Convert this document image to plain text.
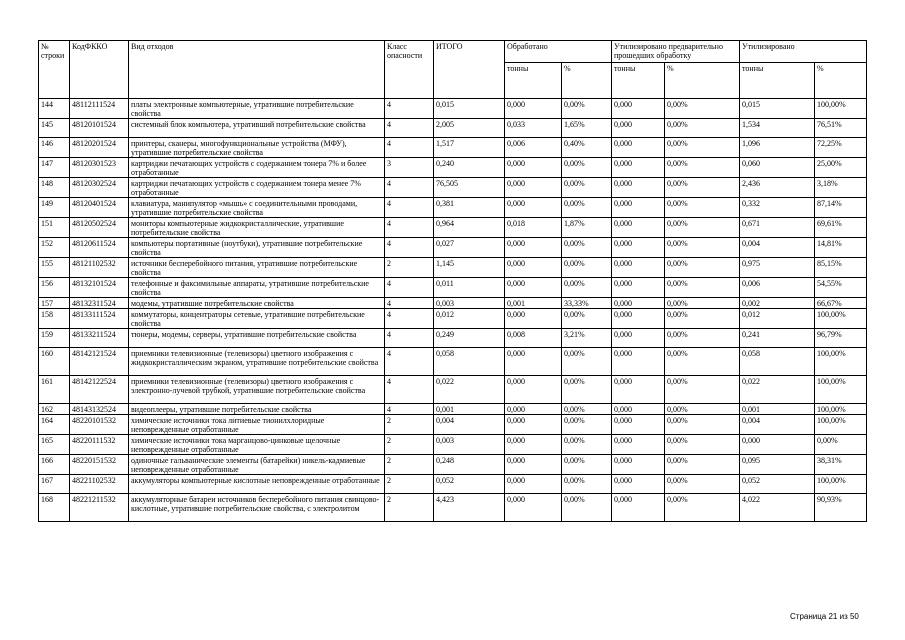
№ строки	КодФККО	Вид отходов	Класс опасности	ИТОГО	Обработано		Утилизировано предварительно прошедших обработку		Утилизировано	
					тонны	%	тонны	%	тонны	%
144	48112111524	платы электронные компьютерные, утратившие потребительские свойства	4	0,015	0,000	0,00%	0,000	0,00%	0,015	100,00%
145	48120101524	системный блок компьютера, утративший потребительские свойства	4	2,005	0,033	1,65%	0,000	0,00%	1,534	76,51%
146	48120201524	принтеры, сканеры, многофункциональные устройства (МФУ), утратившие потребительские свойства	4	1,517	0,006	0,40%	0,000	0,00%	1,096	72,25%
147	48120301523	картриджи печатающих устройств с содержанием тонера 7% и более отработанные	3	0,240	0,000	0,00%	0,000	0,00%	0,060	25,00%
148	48120302524	картриджи печатающих устройств с содержанием тонера менее 7% отработанные	4	76,505	0,000	0,00%	0,000	0,00%	2,436	3,18%
149	48120401524	клавиатура, манипулятор «мышь» с соединительными проводами, утратившие потребительские свойства	4	0,381	0,000	0,00%	0,000	0,00%	0,332	87,14%
151	48120502524	мониторы компьютерные жидкокристаллические, утратившие потребительские свойства	4	0,964	0,018	1,87%	0,000	0,00%	0,671	69,61%
152	48120611524	компьютеры портативные (ноутбуки), утратившие потребительские свойства	4	0,027	0,000	0,00%	0,000	0,00%	0,004	14,81%
155	48121102532	источники бесперебойного питания, утратившие потребительские свойства	2	1,145	0,000	0,00%	0,000	0,00%	0,975	85,15%
156	48132101524	телефонные и факсимильные аппараты, утратившие потребительские свойства	4	0,011	0,000	0,00%	0,000	0,00%	0,006	54,55%
157	48132311524	модемы, утратившие потребительские свойства	4	0,003	0,001	33,33%	0,000	0,00%	0,002	66,67%
158	48133111524	коммутаторы, концентраторы сетевые, утратившие потребительские свойства	4	0,012	0,000	0,00%	0,000	0,00%	0,012	100,00%
159	48133211524	тюнеры, модемы, серверы, утратившие потребительские свойства	4	0,249	0,008	3,21%	0,000	0,00%	0,241	96,79%
160	48142121524	приемники телевизионные (телевизоры) цветного изображения с жидкокристаллическим экраном, утратившие потребительские свойства	4	0,058	0,000	0,00%	0,000	0,00%	0,058	100,00%
161	48142122524	приемники телевизионные (телевизоры) цветного изображения с электронно-лучевой трубкой, утратившие потребительские свойства	4	0,022	0,000	0,00%	0,000	0,00%	0,022	100,00%
162	48143132524	видеоплееры, утратившие потребительские свойства	4	0,001	0,000	0,00%	0,000	0,00%	0,001	100,00%
164	48220101532	химические источники тока литиевые тионилхлоридные неповрежденные отработанные	2	0,004	0,000	0,00%	0,000	0,00%	0,004	100,00%
165	48220111532	химические источники тока марганцово-цинковые щелочные неповрежденные отработанные	2	0,003	0,000	0,00%	0,000	0,00%	0,000	0,00%
166	48220151532	одиночные гальванические элементы (батарейки) никель-кадмиевые неповрежденные отработанные	2	0,248	0,000	0,00%	0,000	0,00%	0,095	38,31%
167	48221102532	аккумуляторы компьютерные кислотные неповрежденные отработанные	2	0,052	0,000	0,00%	0,000	0,00%	0,052	100,00%
168	48221211532	аккумуляторные батареи источников бесперебойного питания свинцово-кислотные, утратившие потребительские свойства, с электролитом	2	4,423	0,000	0,00%	0,000	0,00%	4,022	90,93%
Страница 21 из 50
